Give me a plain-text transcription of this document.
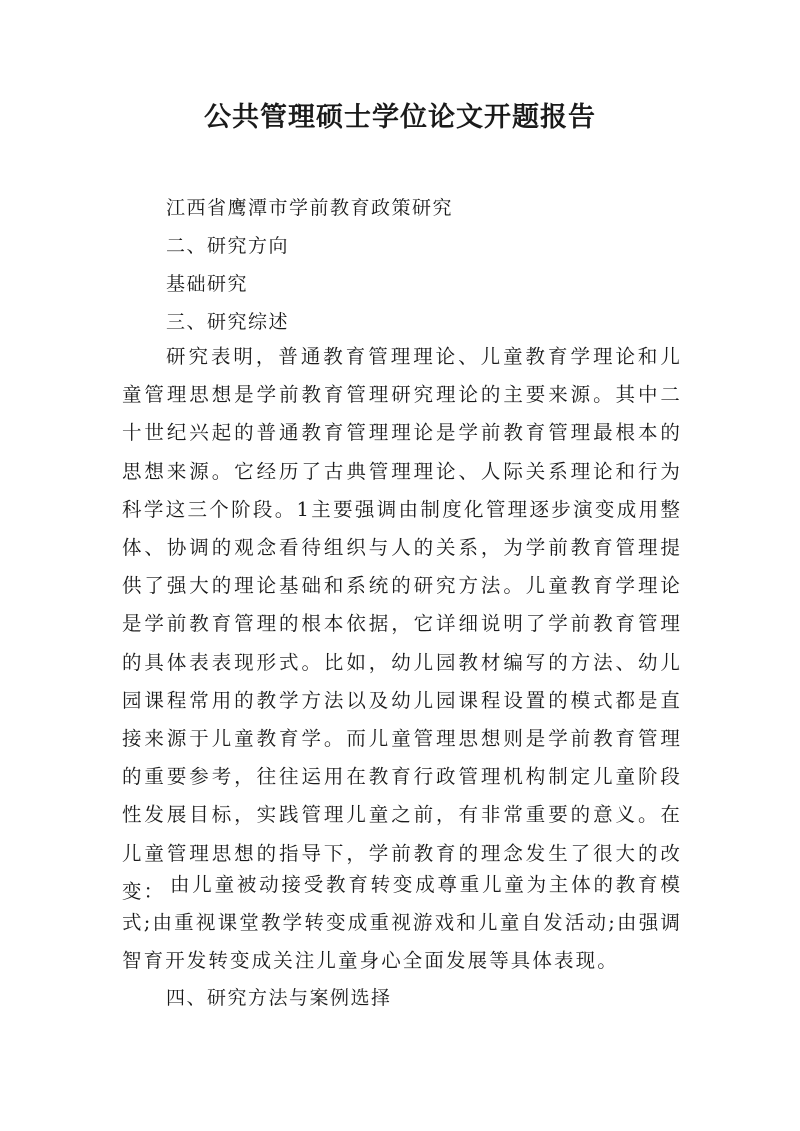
公共管理硕士学位论文开题报告
江西省鹰潭市学前教育政策研究
二、研究方向
基础研究
三、研究综述

研究表明，普通教育管理理论、儿童教育学理论和儿童管理思想是学前教育管理研究理论的主要来源。其中二十世纪兴起的普通教育管理理论是学前教育管理最根本的思想来源。它经历了古典管理理论、人际关系理论和行为科学这三个阶段。1主要强调由制度化管理逐步演变成用整体、协调的观念看待组织与人的关系，为学前教育管理提供了强大的理论基础和系统的研究方法。儿童教育学理论是学前教育管理的根本依据，它详细说明了学前教育管理的具体表表现形式。比如，幼儿园教材编写的方法、幼儿园课程常用的教学方法以及幼儿园课程设置的模式都是直接来源于儿童教育学。而儿童管理思想则是学前教育管理的重要参考，往往运用在教育行政管理机构制定儿童阶段性发展目标，实践管理儿童之前，有非常重要的意义。在儿童管理思想的指导下，学前教育的理念发生了很大的改变： 由儿童被动接受教育转变成尊重儿童为主体的教育模式;由重视课堂教学转变成重视游戏和儿童自发活动;由强调智育开发转变成关注儿童身心全面发展等具体表现。

四、研究方法与案例选择
